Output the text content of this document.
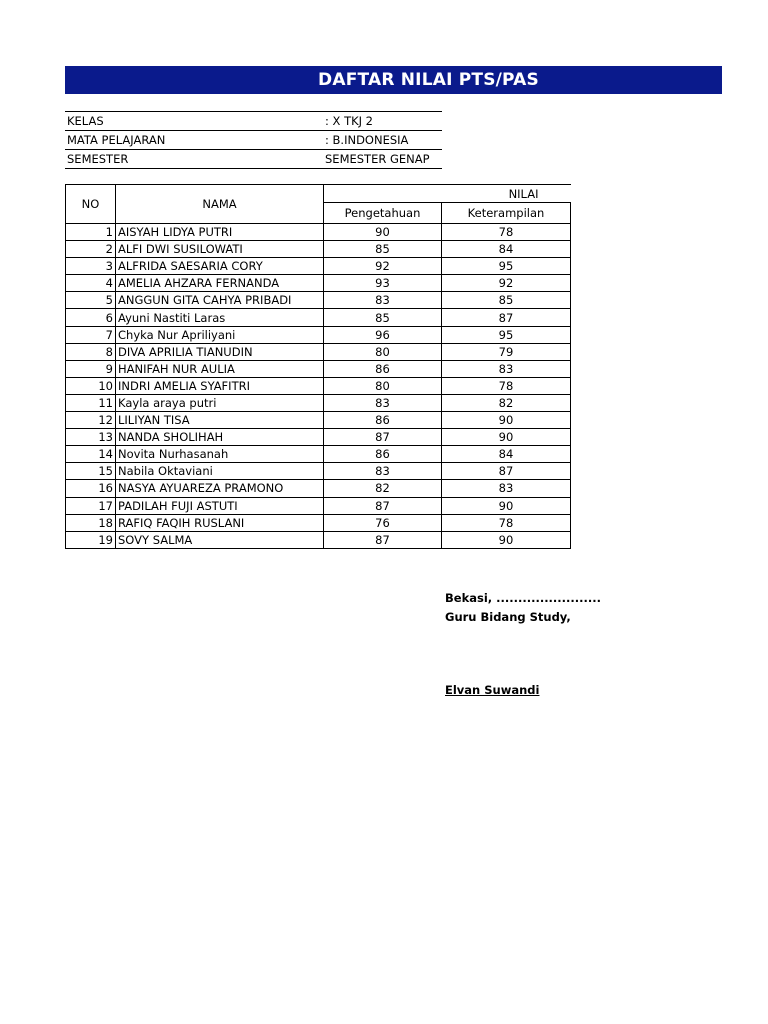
DAFTAR NILAI PTS/PAS
KELAS	: X TKJ 2
MATA PELAJARAN	: B.INDONESIA
SEMESTER	SEMESTER GENAP
NO	NAMA	NILAI	
		Pengetahuan	Keterampilan
1	AISYAH LIDYA PUTRI	90	78
2	ALFI DWI SUSILOWATI	85	84
3	ALFRIDA SAESARIA CORY	92	95
4	AMELIA AHZARA FERNANDA	93	92
5	ANGGUN GITA CAHYA PRIBADI	83	85
6	Ayuni Nastiti Laras	85	87
7	Chyka Nur Apriliyani	96	95
8	DIVA APRILIA TIANUDIN	80	79
9	HANIFAH NUR AULIA	86	83
10	INDRI AMELIA SYAFITRI	80	78
11	Kayla araya putri	83	82
12	LILIYAN TISA	86	90
13	NANDA SHOLIHAH	87	90
14	Novita Nurhasanah	86	84
15	Nabila Oktaviani	83	87
16	NASYA AYUAREZA PRAMONO	82	83
17	PADILAH FUJI ASTUTI	87	90
18	RAFIQ FAQIH RUSLANI	76	78
19	SOVY SALMA	87	90
Bekasi, ........................
Guru Bidang Study,
Elvan Suwandi
